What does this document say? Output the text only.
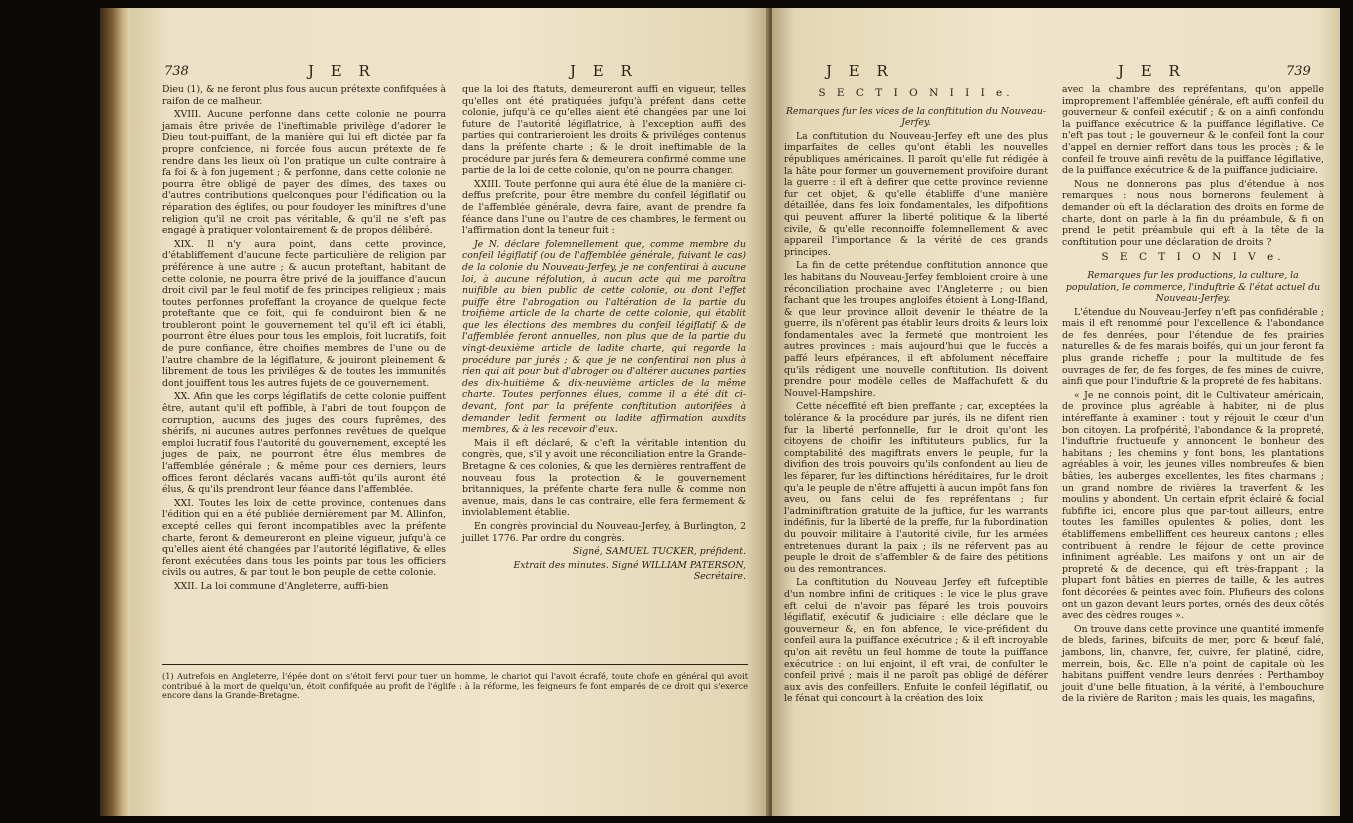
738	J E R	J E R

Dieu (1), & ne feront plus fous aucun prétexte confifquées à raifon de ce malheur.

XVIII. Aucune perfonne dans cette colonie ne pourra jamais être privée de l'ineftimable privilège d'adorer le Dieu tout-puiffant, de la manière qui lui eft dictée par fa propre confcience, ni forcée fous aucun prétexte de fe rendre dans les lieux où l'on pratique un culte contraire à fa foi & à fon jugement ; & perfonne, dans cette colonie ne pourra être obligé de payer des dîmes, des taxes ou d'autres contributions quelconques pour l'édification ou la réparation des églifes, ou pour foudoyer les miniftres d'une religion qu'il ne croit pas véritable, & qu'il ne s'eft pas engagé à pratiquer volontairement & de propos délibéré.

XIX. Il n'y aura point, dans cette province, d'établiffement d'aucune fecte particulière de religion par préférence à une autre ; & aucun proteftant, habitant de cette colonie, ne pourra être privé de la jouiffance d'aucun droit civil par le feul motif de fes principes religieux ; mais toutes perfonnes profeffant la croyance de quelque fecte proteftante que ce foit, qui fe conduiront bien & ne troubleront point le gouvernement tel qu'il eft ici établi, pourront être élues pour tous les emplois, foit lucratifs, foit de pure confiance, être choifies membres de l'une ou de l'autre chambre de la légiflature, & jouiront pleinement & librement de tous les priviléges & de toutes les immunités dont jouiffent tous les autres fujets de ce gouvernement.

XX. Afin que les corps légiflatifs de cette colonie puiffent être, autant qu'il eft poffible, à l'abri de tout foupçon de corruption, aucuns des juges des cours fuprêmes, des shérifs, ni aucunes autres perfonnes revêtues de quelque emploi lucratif fous l'autorité du gouvernement, excepté les juges de paix, ne pourront être élus membres de l'affemblée générale ; & même pour ces derniers, leurs offices feront déclarés vacans auffi-tôt qu'ils auront été élus, & qu'ils prendront leur féance dans l'affemblée.

XXI. Toutes les loix de cette province, contenues dans l'édition qui en a été publiée dernièrement par M. Allinfon, excepté celles qui feront incompatibles avec la préfente charte, feront & demeureront en pleine vigueur, jufqu'à ce qu'elles aient été changées par l'autorité légiflative, & elles feront exécutées dans tous les points par tous les officiers civils ou autres, & par tout le bon peuple de cette colonie.

XXII. La loi commune d'Angleterre, auffi-bien

que la loi des ftatuts, demeureront auffi en vigueur, telles qu'elles ont été pratiquées jufqu'à préfent dans cette colonie, jufqu'à ce qu'elles aient été changées par une loi future de l'autorité légiflatrice, à l'exception auffi des parties qui contrarieroient les droits & priviléges contenus dans la préfente charte ; & le droit ineftimable de la procédure par jurés fera & demeurera confirmé comme une partie de la loi de cette colonie, qu'on ne pourra changer.

XXIII. Toute perfonne qui aura été élue de la manière ci-deffus prefcrite, pour être membre du confeil légiflatif ou de l'affemblée générale, devra faire, avant de prendre fa féance dans l'une ou l'autre de ces chambres, le ferment ou l'affirmation dont la teneur fuit :

Je N. déclare folemnellement que, comme membre du confeil légiflatif (ou de l'affemblée générale, fuivant le cas) de la colonie du Nouveau-Jerfey, je ne confentirai à aucune loi, à aucune réfolution, à aucun acte qui me paroîtra nuifible au bien public de cette colonie, ou dont l'effet puiffe être l'abrogation ou l'altération de la partie du troifième article de la charte de cette colonie, qui établit que les élections des membres du confeil légiflatif & de l'affemblée feront annuelles, non plus que de la partie du vingt-deuxième article de ladite charte, qui regarde la procédure par jurés ; & que je ne confentirai non plus à rien qui ait pour but d'abroger ou d'altérer aucunes parties des dix-huitième & dix-neuvième articles de la même charte. Toutes perfonnes élues, comme il a été dit ci-devant, font par la préfente conftitution autorifées à demander ledit ferment ou ladite affirmation auxdits membres, & à les recevoir d'eux.

Mais il eft déclaré, & c'eft la véritable intention du congrès, que, s'il y avoit une réconciliation entre la Grande-Bretagne & ces colonies, & que les dernières rentraffent de nouveau fous la protection & le gouvernement britanniques, la préfente charte fera nulle & comme non avenue, mais, dans le cas contraire, elle fera fermement & inviolablement établie.

En congrès provincial du Nouveau-Jerfey, à Burlington, 2 juillet 1776. Par ordre du congrès.

Signé, SAMUEL TUCKER, préfident.

Extrait des minutes. Signé WILLIAM PATERSON, Secrétaire.

(1) Autrefois en Angleterre, l'épée dont on s'étoit fervi pour tuer un homme, le chariot qui l'avoit écrafé, toute chofe en général qui avoit contribué à la mort de quelqu'un, étoit confifquée au profit de l'églife : à la réforme, les feigneurs fe font emparés de ce droit qui s'exerce encore dans la Grande-Bretagne.
J E R	J E R	739
S E C T I O N I I I e.

Remarques fur les vices de la conftitution du Nouveau-Jerfey.

La conftitution du Nouveau-Jerfey eft une des plus imparfaites de celles qu'ont établi les nouvelles républiques américaines. Il paroît qu'elle fut rédigée à la hâte pour former un gouvernement provifoire durant la guerre : il eft à defirer que cette province revienne fur cet objet, & qu'elle établiffe d'une manière détaillée, dans fes loix fondamentales, les difpofitions qui peuvent affurer la liberté politique & la liberté civile, & qu'elle reconnoiffe folemnellement & avec appareil l'importance & la vérité de ces grands principes.

La fin de cette prétendue conftitution annonce que les habitans du Nouveau-Jerfey fembloient croire à une réconciliation prochaine avec l'Angleterre ; ou bien fachant que les troupes angloifes étoient à Long-Ifland, & que leur province alloit devenir le théatre de la guerre, ils n'ofèrent pas établir leurs droits & leurs loix fondamentales avec la fermeté que montroient les autres provinces : mais aujourd'hui que le fuccès a paffé leurs efpérances, il eft abfolument néceffaire qu'ils rédigent une nouvelle conftitution. Ils doivent prendre pour modèle celles de Maffachufett & du Nouvel-Hampshire.

Cette néceffité eft bien preffante ; car, exceptées la tolérance & la procédure par jurés, ils ne difent rien fur la liberté perfonnelle, fur le droit qu'ont les citoyens de choifir les inftituteurs publics, fur la comptabilité des magiftrats envers le peuple, fur la divifion des trois pouvoirs qu'ils confondent au lieu de les féparer, fur les diftinctions héréditaires, fur le droit qu'a le peuple de n'être affujetti à aucun impôt fans fon aveu, ou fans celui de fes repréfentans ; fur l'adminiftration gratuite de la juftice, fur les warrants indéfinis, fur la liberté de la preffe, fur la fubordination du pouvoir militaire à l'autorité civile, fur les armées entretenues durant la paix ; ils ne réfervent pas au peuple le droit de s'affembler & de faire des pétitions ou des remontrances.

La conftitution du Nouveau Jerfey eft fufceptible d'un nombre infini de critiques : le vice le plus grave eft celui de n'avoir pas féparé les trois pouvoirs légiflatif, exécutif & judiciaire : elle déclare que le gouverneur &, en fon abfence, le vice-préfident du confeil aura la puiffance exécutrice ; & il eft incroyable qu'on ait revêtu un feul homme de toute la puiffance exécutrice : on lui enjoint, il eft vrai, de confulter le confeil privé ; mais il ne paroît pas obligé de déférer aux avis des confeillers. Enfuite le confeil légiflatif, ou le fénat qui concourt à la création des loix

avec la chambre des repréfentans, qu'on appelle improprement l'affemblée générale, eft auffi confeil du gouverneur & confeil exécutif ; & on a ainfi confondu la puiffance exécutrice & la puiffance légiflative. Ce n'eft pas tout ; le gouverneur & le confeil font la cour d'appel en dernier reffort dans tous les procès ; & le confeil fe trouve ainfi revêtu de la puiffance légiflative, de la puiffance exécutrice & de la puiffance judiciaire.

Nous ne donnerons pas plus d'étendue à nos remarques : nous nous bornerons feulement à demander où eft la déclaration des droits en forme de charte, dont on parle à la fin du préambule, & fi on prend le petit préambule qui eft à la tête de la conftitution pour une déclaration de droits ?

S E C T I O N I V e.

Remarques fur les productions, la culture, la population, le commerce, l'induftrie & l'état actuel du Nouveau-Jerfey.

L'étendue du Nouveau-Jerfey n'eft pas confidérable ; mais il eft renommé pour l'excellence & l'abondance de fes denrées, pour l'étendue de fes prairies naturelles & de fes marais boifés, qui un jour feront fa plus grande richeffe ; pour la multitude de fes ouvrages de fer, de fes forges, de fes mines de cuivre, ainfi que pour l'induftrie & la propreté de fes habitans.

« Je ne connois point, dit le Cultivateur américain, de province plus agréable à habiter, ni de plus intéreffante à examiner : tout y réjouit le cœur d'un bon citoyen. La profpérité, l'abondance & la propreté, l'induftrie fructueufe y annoncent le bonheur des habitans ; les chemins y font bons, les plantations agréables à voir, les jeunes villes nombreufes & bien bâties, les auberges excellentes, les fites charmans ; un grand nombre de rivières la traverfent & les moulins y abondent. Un certain efprit éclairé & focial fubfifte ici, encore plus que par-tout ailleurs, entre toutes les familles opulentes & polies, dont les établiffemens embelliffent ces heureux cantons ; elles contribuent à rendre le féjour de cette province infiniment agréable. Les maifons y ont un air de propreté & de decence, qui eft très-frappant ; la plupart font bâties en pierres de taille, & les autres font décorées & peintes avec foin. Plufieurs des colons ont un gazon devant leurs portes, ornés des deux côtés avec des cèdres rouges ».

On trouve dans cette province une quantité immenfe de bleds, farines, bifcuits de mer, porc & bœuf falé, jambons, lin, chanvre, fer, cuivre, fer platiné, cidre, merrein, bois, &c. Elle n'a point de capitale où les habitans puiffent vendre leurs denrées : Perthamboy jouit d'une belle fituation, à la vérité, à l'embouchure de la rivière de Rariton ; mais les quais, les magafins,
